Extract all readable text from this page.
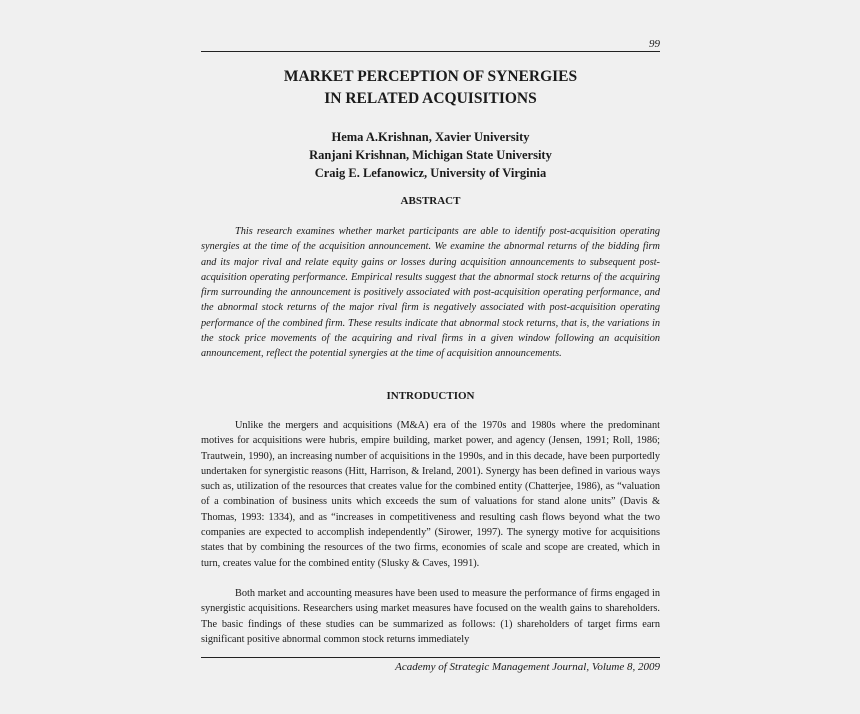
99
MARKET PERCEPTION OF SYNERGIES
IN RELATED ACQUISITIONS
Hema A.Krishnan, Xavier University
Ranjani Krishnan, Michigan State University
Craig E. Lefanowicz, University of Virginia
ABSTRACT
This research examines whether market participants are able to identify post-acquisition operating synergies at the time of the acquisition announcement. We examine the abnormal returns of the bidding firm and its major rival and relate equity gains or losses during acquisition announcements to subsequent post-acquisition operating performance. Empirical results suggest that the abnormal stock returns of the acquiring firm surrounding the announcement is positively associated with post-acquisition operating performance, and the abnormal stock returns of the major rival firm is negatively associated with post-acquisition operating performance of the combined firm. These results indicate that abnormal stock returns, that is, the variations in the stock price movements of the acquiring and rival firms in a given window following an acquisition announcement, reflect the potential synergies at the time of acquisition announcements.
INTRODUCTION
Unlike the mergers and acquisitions (M&A) era of the 1970s and 1980s where the predominant motives for acquisitions were hubris, empire building, market power, and agency (Jensen, 1991; Roll, 1986; Trautwein, 1990), an increasing number of acquisitions in the 1990s, and in this decade, have been purportedly undertaken for synergistic reasons (Hitt, Harrison, & Ireland, 2001). Synergy has been defined in various ways such as, utilization of the resources that creates value for the combined entity (Chatterjee, 1986), as “valuation of a combination of business units which exceeds the sum of valuations for stand alone units” (Davis & Thomas, 1993: 1334), and as “increases in competitiveness and resulting cash flows beyond what the two companies are expected to accomplish independently” (Sirower, 1997). The synergy motive for acquisitions states that by combining the resources of the two firms, economies of scale and scope are created, which in turn, creates value for the combined entity (Slusky & Caves, 1991).
Both market and accounting measures have been used to measure the performance of firms engaged in synergistic acquisitions. Researchers using market measures have focused on the wealth gains to shareholders. The basic findings of these studies can be summarized as follows: (1) shareholders of target firms earn significant positive abnormal common stock returns immediately
Academy of Strategic Management Journal, Volume 8, 2009
